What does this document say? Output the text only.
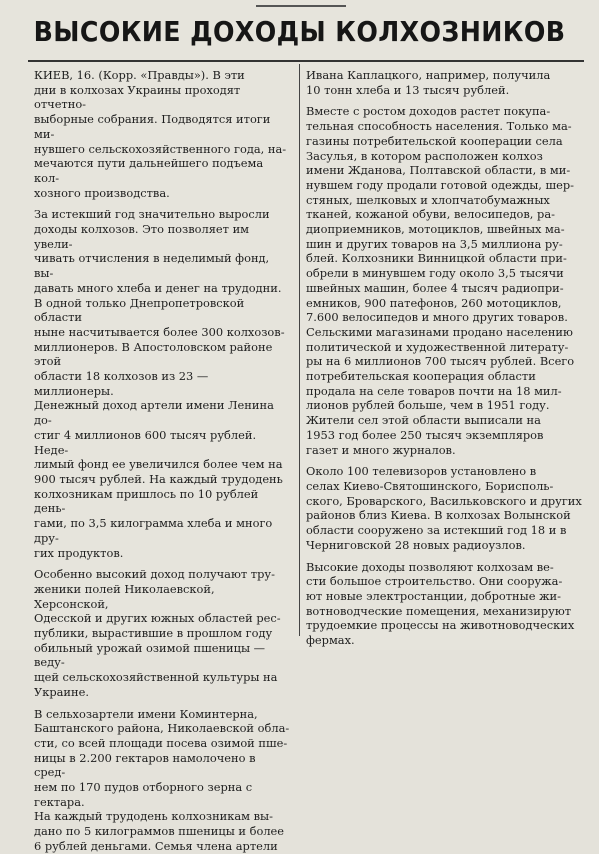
ВЫСОКИЕ ДОХОДЫ КОЛХОЗНИКОВ

КИЕВ, 16. (Корр. «Правды»). В эти
дни в колхозах Украины проходят отчетно-
выборные собрания. Подводятся итоги ми-
нувшего сельскохозяйственного года, на-
мечаются пути дальнейшего подъема кол-
хозного производства.

За истекший год значительно выросли
доходы колхозов. Это позволяет им увели-
чивать отчисления в неделимый фонд, вы-
давать много хлеба и денег на трудодни.
В одной только Днепропетровской области
ныне насчитывается более 300 колхозов-
миллионеров. В Апостоловском районе этой
области 18 колхозов из 23 — миллионеры.
Денежный доход артели имени Ленина до-
стиг 4 миллионов 600 тысяч рублей. Неде-
лимый фонд ее увеличился более чем на
900 тысяч рублей. На каждый трудодень
колхозникам пришлось по 10 рублей день-
гами, по 3,5 килограмма хлеба и много дру-
гих продуктов.

Особенно высокий доход получают тру-
женики полей Николаевской, Херсонской,
Одесской и других южных областей рес-
публики, вырастившие в прошлом году
обильный урожай озимой пшеницы — веду-
щей сельскохозяйственной культуры на
Украине.

В сельхозартели имени Коминтерна,
Баштанского района, Николаевской обла-
сти, со всей площади посева озимой пше-
ницы в 2.200 гектаров намолочено в сред-
нем по 170 пудов отборного зерна с гектара.
На каждый трудодень колхозникам вы-
дано по 5 килограммов пшеницы и более
6 рублей деньгами. Семья члена артели

Ивана Каплацкого, например, получила
10 тонн хлеба и 13 тысяч рублей.

Вместе с ростом доходов растет покупа-
тельная способность населения. Только ма-
газины потребительской кооперации села
Засулья, в котором расположен колхоз
имени Жданова, Полтавской области, в ми-
нувшем году продали готовой одежды, шер-
стяных, шелковых и хлопчатобумажных
тканей, кожаной обуви, велосипедов, ра-
диоприемников, мотоциклов, швейных ма-
шин и других товаров на 3,5 миллиона ру-
блей. Колхозники Винницкой области при-
обрели в минувшем году около 3,5 тысячи
швейных машин, более 4 тысяч радиопри-
емников, 900 патефонов, 260 мотоциклов,
7.600 велосипедов и много других товаров.
Сельскими магазинами продано населению
политической и художественной литерату-
ры на 6 миллионов 700 тысяч рублей. Всего
потребительская кооперация области
продала на селе товаров почти на 18 мил-
лионов рублей больше, чем в 1951 году.
Жители сел этой области выписали на
1953 год более 250 тысяч экземпляров
газет и много журналов.

Около 100 телевизоров установлено в
селах Киево-Святошинского, Борисполь-
ского, Броварского, Васильковского и других
районов близ Киева. В колхозах Волынской
области сооружено за истекший год 18 и в
Черниговской 28 новых радиоузлов.

Высокие доходы позволяют колхозам ве-
сти большое строительство. Они сооружа-
ют новые электростанции, добротные жи-
вотноводческие помещения, механизируют
трудоемкие процессы на животноводческих
фермах.
